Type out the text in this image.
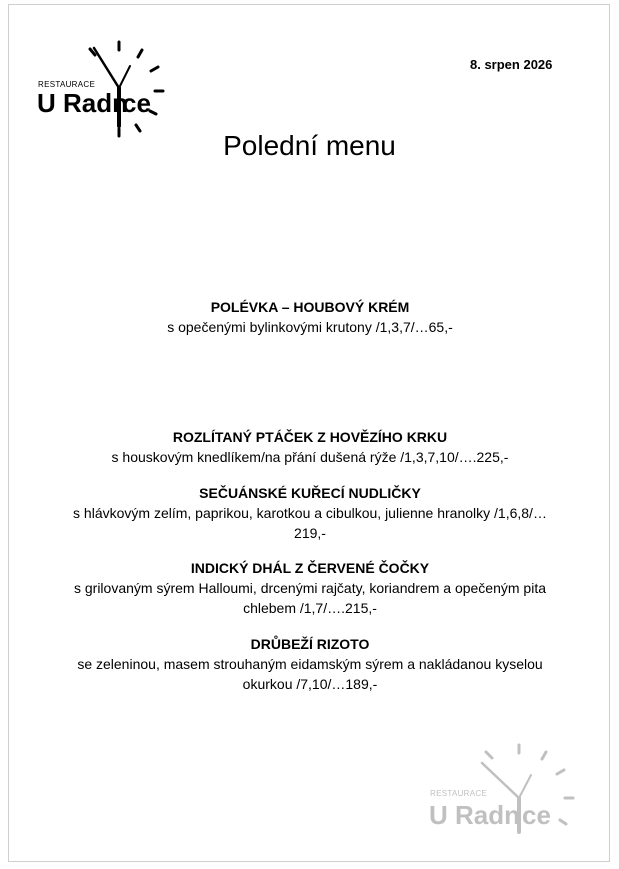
RESTAURACE
U Radn
ce
8. srpen 2026
Polední menu
POLÉVKA – HOUBOVÝ KRÉM
s opečenými bylinkovými krutony /1,3,7/…65,-
ROZLÍTANÝ PTÁČEK Z HOVĚZÍHO KRKU
s houskovým knedlíkem/na přání dušená rýže /1,3,7,10/….225,-
SEČUÁNSKÉ KUŘECÍ NUDLIČKY
s hlávkovým zelím, paprikou, karotkou a cibulkou, julienne hranolky /1,6,8/…219,-
INDICKÝ DHÁL Z ČERVENÉ ČOČKY
s grilovaným sýrem Halloumi, drcenými rajčaty, koriandrem a opečeným pita chlebem /1,7/….215,-
DRŮBEŽÍ RIZOTO
se zeleninou, masem strouhaným eidamským sýrem a nakládanou kyselou okurkou /7,10/…189,-
RESTAURACE
U Radn ce
